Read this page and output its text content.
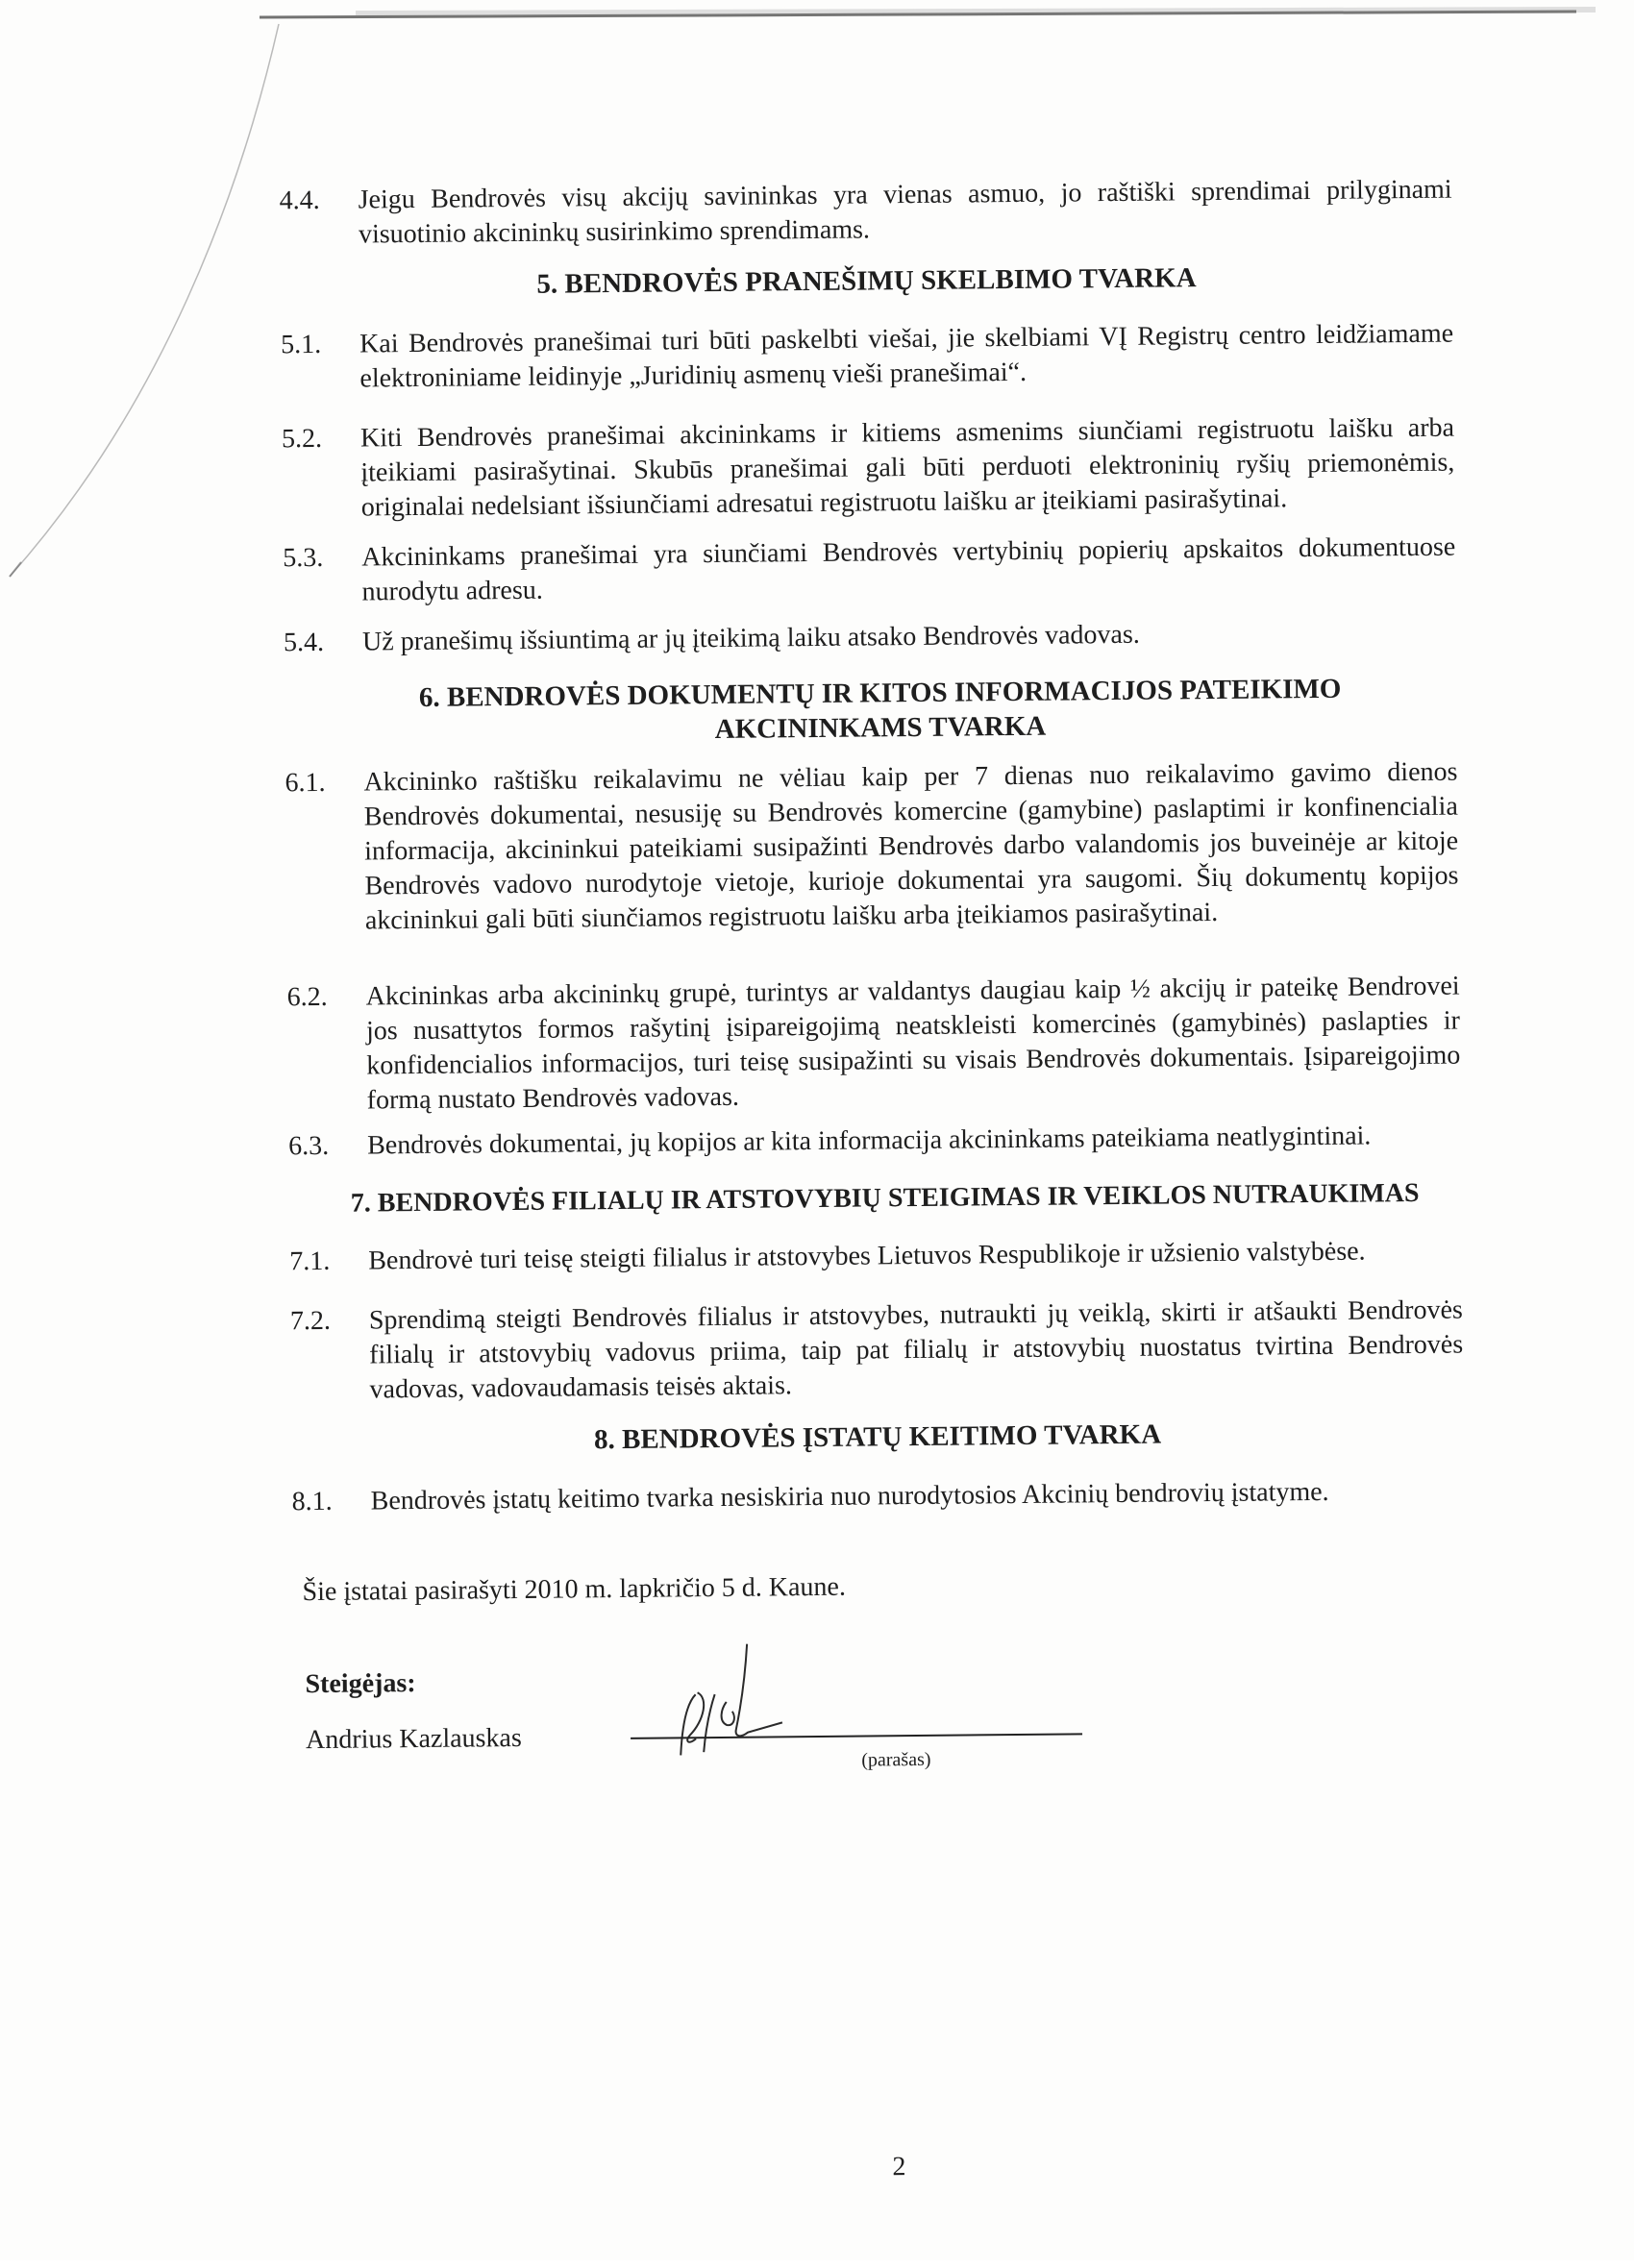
4.4.	Jeigu Bendrovės visų akcijų savininkas yra vienas asmuo, jo raštiški sprendimai prilyginami visuotinio akcininkų susirinkimo sprendimams.
5. BENDROVĖS PRANEŠIMŲ SKELBIMO TVARKA
5.1.	Kai Bendrovės pranešimai turi būti paskelbti viešai, jie skelbiami VĮ Registrų centro leidžiamame elektroniniame leidinyje „Juridinių asmenų vieši pranešimai“.
5.2.	Kiti Bendrovės pranešimai akcininkams ir kitiems asmenims siunčiami registruotu laišku arba įteikiami pasirašytinai. Skubūs pranešimai gali būti perduoti elektroninių ryšių priemonėmis, originalai nedelsiant išsiunčiami adresatui registruotu laišku ar įteikiami pasirašytinai.
5.3.	Akcininkams pranešimai yra siunčiami Bendrovės vertybinių popierių apskaitos dokumentuose nurodytu adresu.
5.4.	Už pranešimų išsiuntimą ar jų įteikimą laiku atsako Bendrovės vadovas.
6. BENDROVĖS DOKUMENTŲ IR KITOS INFORMACIJOS PATEIKIMO AKCININKAMS TVARKA
6.1.	Akcininko raštišku reikalavimu ne vėliau kaip per 7 dienas nuo reikalavimo gavimo dienos Bendrovės dokumentai, nesusiję su Bendrovės komercine (gamybine) paslaptimi ir konfinencialia informacija, akcininkui pateikiami susipažinti Bendrovės darbo valandomis jos buveinėje ar kitoje Bendrovės vadovo nurodytoje vietoje, kurioje dokumentai yra saugomi. Šių dokumentų kopijos akcininkui gali būti siunčiamos registruotu laišku arba įteikiamos pasirašytinai.
6.2.	Akcininkas arba akcininkų grupė, turintys ar valdantys daugiau kaip ½ akcijų ir pateikę Bendrovei jos nusattytos formos rašytinį įsipareigojimą neatskleisti komercinės (gamybinės) paslapties ir konfidencialios informacijos, turi teisę susipažinti su visais Bendrovės dokumentais. Įsipareigojimo formą nustato Bendrovės vadovas.
6.3.	Bendrovės dokumentai, jų kopijos ar kita informacija akcininkams pateikiama neatlygintinai.
7. BENDROVĖS FILIALŲ IR ATSTOVYBIŲ STEIGIMAS IR VEIKLOS NUTRAUKIMAS
7.1.	Bendrovė turi teisę steigti filialus ir atstovybes Lietuvos Respublikoje ir užsienio valstybėse.
7.2.	Sprendimą steigti Bendrovės filialus ir atstovybes, nutraukti jų veiklą, skirti ir atšaukti Bendrovės filialų ir atstovybių vadovus priima, taip pat filialų ir atstovybių nuostatus tvirtina Bendrovės vadovas, vadovaudamasis teisės aktais.
8. BENDROVĖS ĮSTATŲ KEITIMO TVARKA
8.1.	Bendrovės įstatų keitimo tvarka nesiskiria nuo nurodytosios Akcinių bendrovių įstatyme.
Šie įstatai pasirašyti 2010 m. lapkričio 5 d. Kaune.
Steigėjas:
Andrius Kazlauskas
(parašas)
2
